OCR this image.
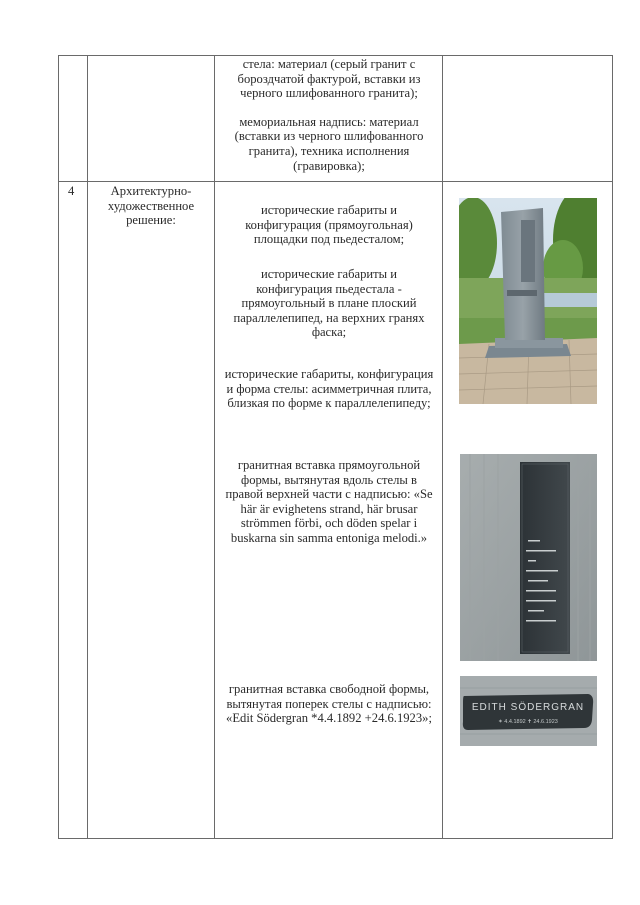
стела: материал (серый гранит с бороздчатой фактурой, вставки из черного шлифованного гранита);

мемориальная надпись: материал (вставки из черного шлифованного гранита), техника исполнения (гравировка);

4	Архитектурно-художественное решение:
исторические габариты и конфигурация (прямоугольная) площадки под пьедесталом;
исторические габариты и конфигурация пьедестала - прямоугольный в плане плоский параллелепипед, на верхних гранях фаска;
исторические габариты, конфигурация и форма стелы: асимметричная плита, близкая по форме к параллелепипеду;
гранитная вставка прямоугольной формы, вытянутая вдоль стелы в правой верхней части с надписью: «Se här är evighetens strand, här brusar strömmen förbi, och döden spelar i buskarna sin samma entoniga melodi.»
гранитная вставка свободной формы, вытянутая поперек стелы с надписью: «Edit Södergran *4.4.1892 +24.6.1923»;
EDITH SÖDERGRAN
✶ 4.4.1892 ✝ 24.6.1923
